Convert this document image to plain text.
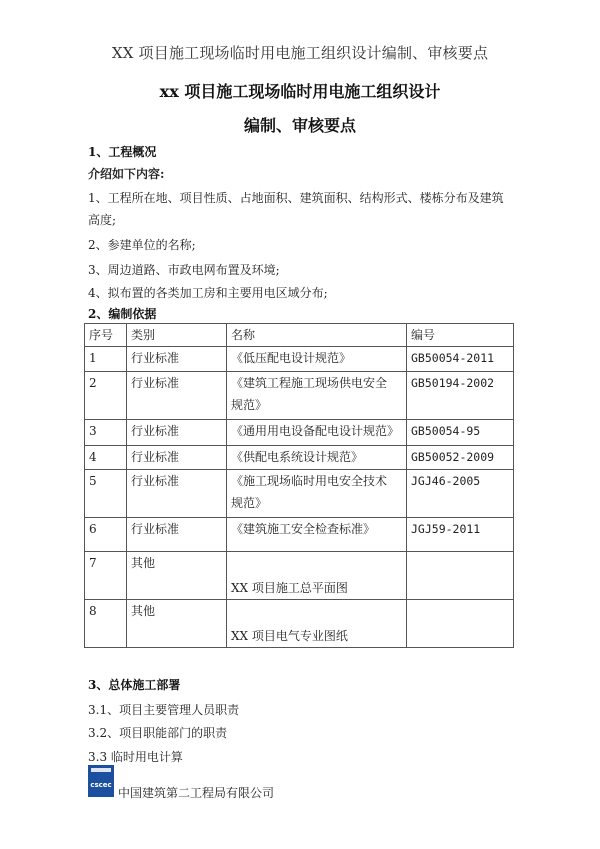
XX 项目施工现场临时用电施工组织设计编制、审核要点
xx 项目施工现场临时用电施工组织设计
编制、审核要点
1、工程概况
介绍如下内容:
1、工程所在地、项目性质、占地面积、建筑面积、结构形式、楼栋分布及建筑
高度;
2、参建单位的名称;
3、周边道路、市政电网布置及环境;
4、拟布置的各类加工房和主要用电区域分布;
2、编制依据
序号	类别	名称	编号
1	行业标准	《低压配电设计规范》	GB50054-2011
2	行业标准	《建筑工程施工现场供电安全
规范》	GB50194-2002
3	行业标准	《通用用电设备配电设计规范》	GB50054-95
4	行业标准	《供配电系统设计规范》	GB50052-2009
5	行业标准	《施工现场临时用电安全技术
规范》	JGJ46-2005
6	行业标准	《建筑施工安全检查标准》	JGJ59-2011
7	其他	XX 项目施工总平面图	
8	其他	XX 项目电气专业图纸	
3、总体施工部署
3.1、项目主要管理人员职责
3.2、项目职能部门的职责
3.3 临时用电计算
cscec
中国建筑第二工程局有限公司
